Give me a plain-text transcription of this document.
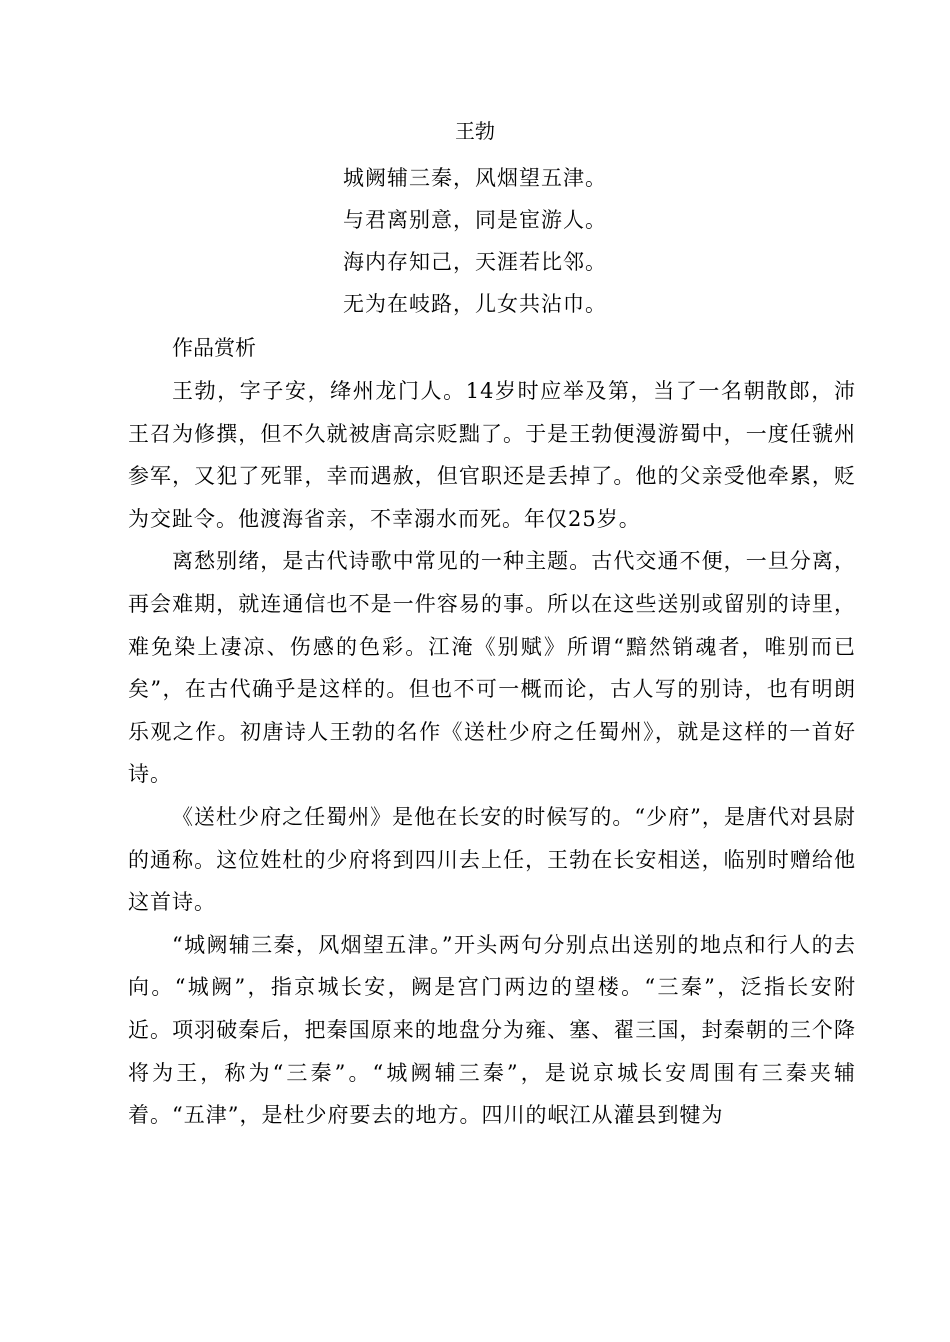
王勃
城阙辅三秦，风烟望五津。
与君离别意，同是宦游人。
海内存知己，天涯若比邻。
无为在岐路，儿女共沾巾。
作品赏析

王勃，字子安，绛州龙门人。14岁时应举及第，当了一名朝散郎，沛王召为修撰，但不久就被唐高宗贬黜了。于是王勃便漫游蜀中，一度任虢州参军，又犯了死罪，幸而遇赦，但官职还是丢掉了。他的父亲受他牵累，贬为交趾令。他渡海省亲，不幸溺水而死。年仅25岁。

离愁别绪，是古代诗歌中常见的一种主题。古代交通不便，一旦分离，再会难期，就连通信也不是一件容易的事。所以在这些送别或留别的诗里，难免染上凄凉、伤感的色彩。江淹《别赋》所谓“黯然销魂者，唯别而已矣”，在古代确乎是这样的。但也不可一概而论，古人写的别诗，也有明朗乐观之作。初唐诗人王勃的名作《送杜少府之任蜀州》，就是这样的一首好诗。

《送杜少府之任蜀州》是他在长安的时候写的。“少府”，是唐代对县尉的通称。这位姓杜的少府将到四川去上任，王勃在长安相送，临别时赠给他这首诗。

“城阙辅三秦，风烟望五津。”开头两句分别点出送别的地点和行人的去向。“城阙”，指京城长安，阙是宫门两边的望楼。“三秦”，泛指长安附近。项羽破秦后，把秦国原来的地盘分为雍、塞、翟三国，封秦朝的三个降将为王，称为“三秦”。“城阙辅三秦”，是说京城长安周围有三秦夹辅着。“五津”，是杜少府要去的地方。四川的岷江从灌县到犍为
